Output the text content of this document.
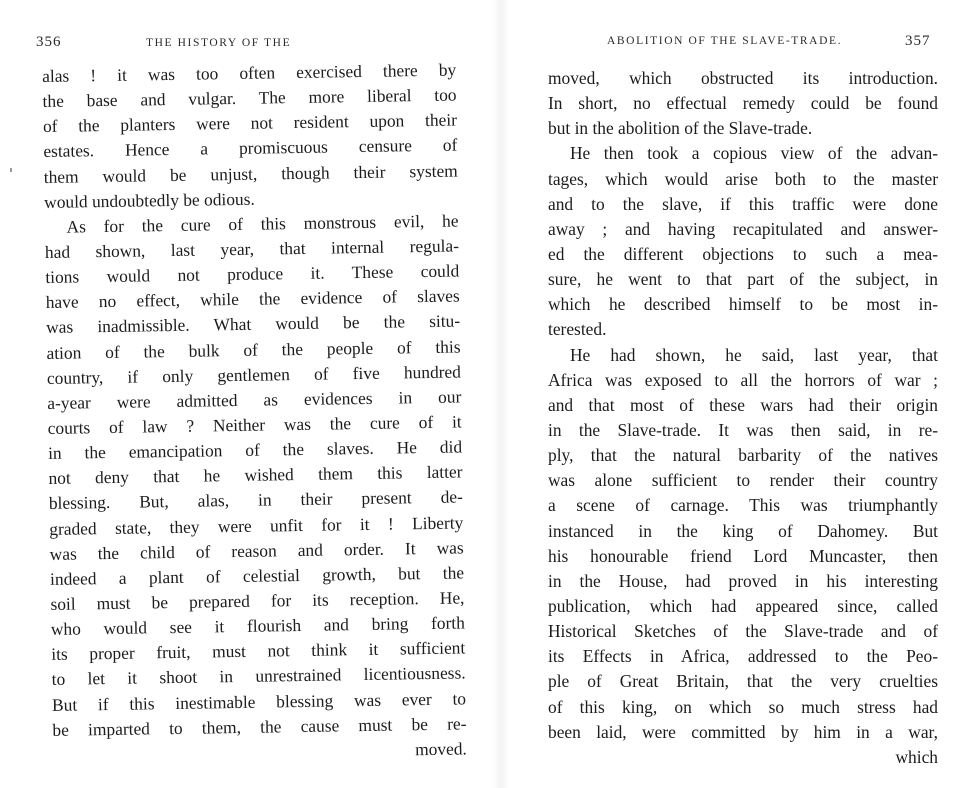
356	THE HISTORY OF THE
alas ! it was too often exercised there by
the base and vulgar. The more liberal too
of the planters were not resident upon their
estates. Hence a promiscuous censure of
them would be unjust, though their system
would undoubtedly be odious.
As for the cure of this monstrous evil, he
had shown, last year, that internal regula-
tions would not produce it. These could
have no effect, while the evidence of slaves
was inadmissible. What would be the situ-
ation of the bulk of the people of this
country, if only gentlemen of five hundred
a-year were admitted as evidences in our
courts of law ? Neither was the cure of it
in the emancipation of the slaves. He did
not deny that he wished them this latter
blessing. But, alas, in their present de-
graded state, they were unfit for it ! Liberty
was the child of reason and order. It was
indeed a plant of celestial growth, but the
soil must be prepared for its reception. He,
who would see it flourish and bring forth
its proper fruit, must not think it sufficient
to let it shoot in unrestrained licentiousness.
But if this inestimable blessing was ever to
be imparted to them, the cause must be re-
moved.
ABOLITION OF THE SLAVE-TRADE.	357
moved, which obstructed its introduction.
In short, no effectual remedy could be found
but in the abolition of the Slave-trade.
He then took a copious view of the advan-
tages, which would arise both to the master
and to the slave, if this traffic were done
away ; and having recapitulated and answer-
ed the different objections to such a mea-
sure, he went to that part of the subject, in
which he described himself to be most in-
terested.
He had shown, he said, last year, that
Africa was exposed to all the horrors of war ;
and that most of these wars had their origin
in the Slave-trade. It was then said, in re-
ply, that the natural barbarity of the natives
was alone sufficient to render their country
a scene of carnage. This was triumphantly
instanced in the king of Dahomey. But
his honourable friend Lord Muncaster, then
in the House, had proved in his interesting
publication, which had appeared since, called
Historical Sketches of the Slave-trade and of
its Effects in Africa, addressed to the Peo-
ple of Great Britain, that the very cruelties
of this king, on which so much stress had
been laid, were committed by him in a war,
which
